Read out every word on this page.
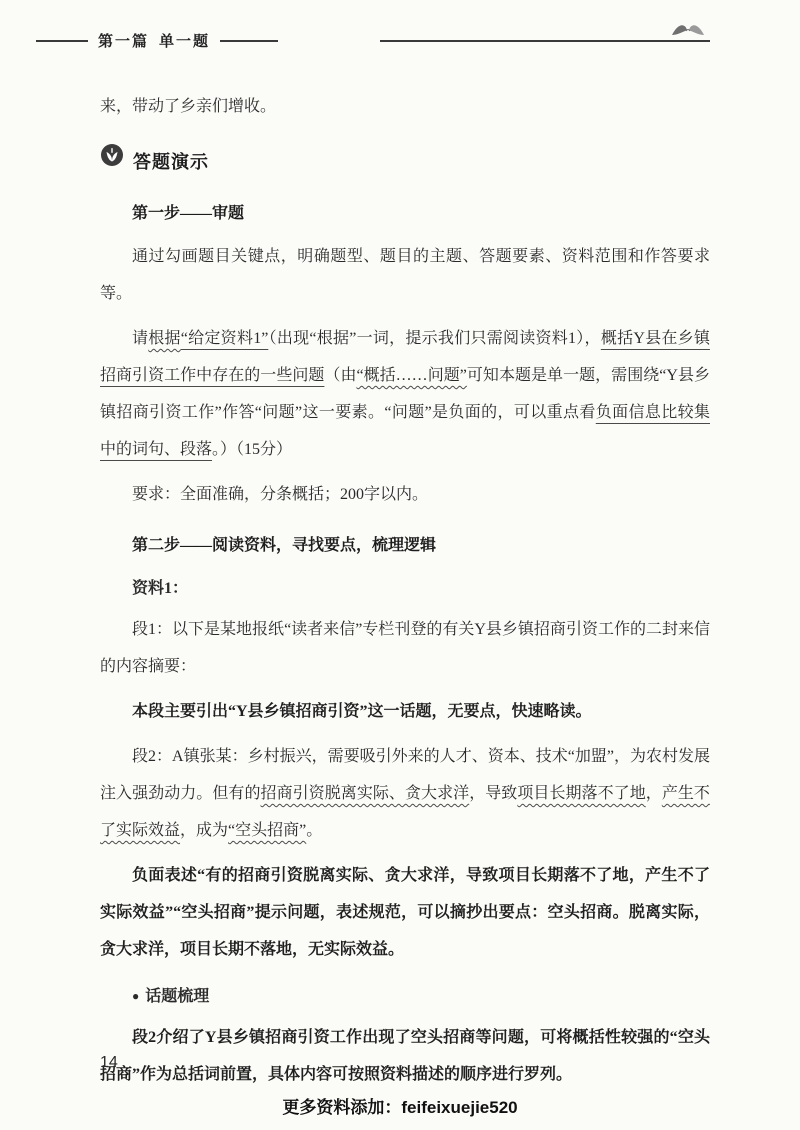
第一篇 单一题

来，带动了乡亲们增收。

答题演示

第一步——审题

通过勾画题目关键点，明确题型、题目的主题、答题要素、资料范围和作答要求等。

请根据“给定资料1”（出现“根据”一词，提示我们只需阅读资料1），概括Y县在乡镇招商引资工作中存在的一些问题（由“概括……问题”可知本题是单一题，需围绕“Y县乡镇招商引资工作”作答“问题”这一要素。“问题”是负面的，可以重点看负面信息比较集中的词句、段落。）（15分）

要求：全面准确，分条概括；200字以内。

第二步——阅读资料，寻找要点，梳理逻辑

资料1：

段1：以下是某地报纸“读者来信”专栏刊登的有关Y县乡镇招商引资工作的二封来信的内容摘要：

本段主要引出“Y县乡镇招商引资”这一话题，无要点，快速略读。

段2：A镇张某：乡村振兴，需要吸引外来的人才、资本、技术“加盟”，为农村发展注入强劲动力。但有的招商引资脱离实际、贪大求洋，导致项目长期落不了地，产生不了实际效益，成为“空头招商”。

负面表述“有的招商引资脱离实际、贪大求洋，导致项目长期落不了地，产生不了实际效益”“空头招商”提示问题，表述规范，可以摘抄出要点：空头招商。脱离实际，贪大求洋，项目长期不落地，无实际效益。

● 话题梳理

段2介绍了Y县乡镇招商引资工作出现了空头招商等问题，可将概括性较强的“空头招商”作为总括词前置，具体内容可按照资料描述的顺序进行罗列。

14
更多资料添加：feifeixuejie520
